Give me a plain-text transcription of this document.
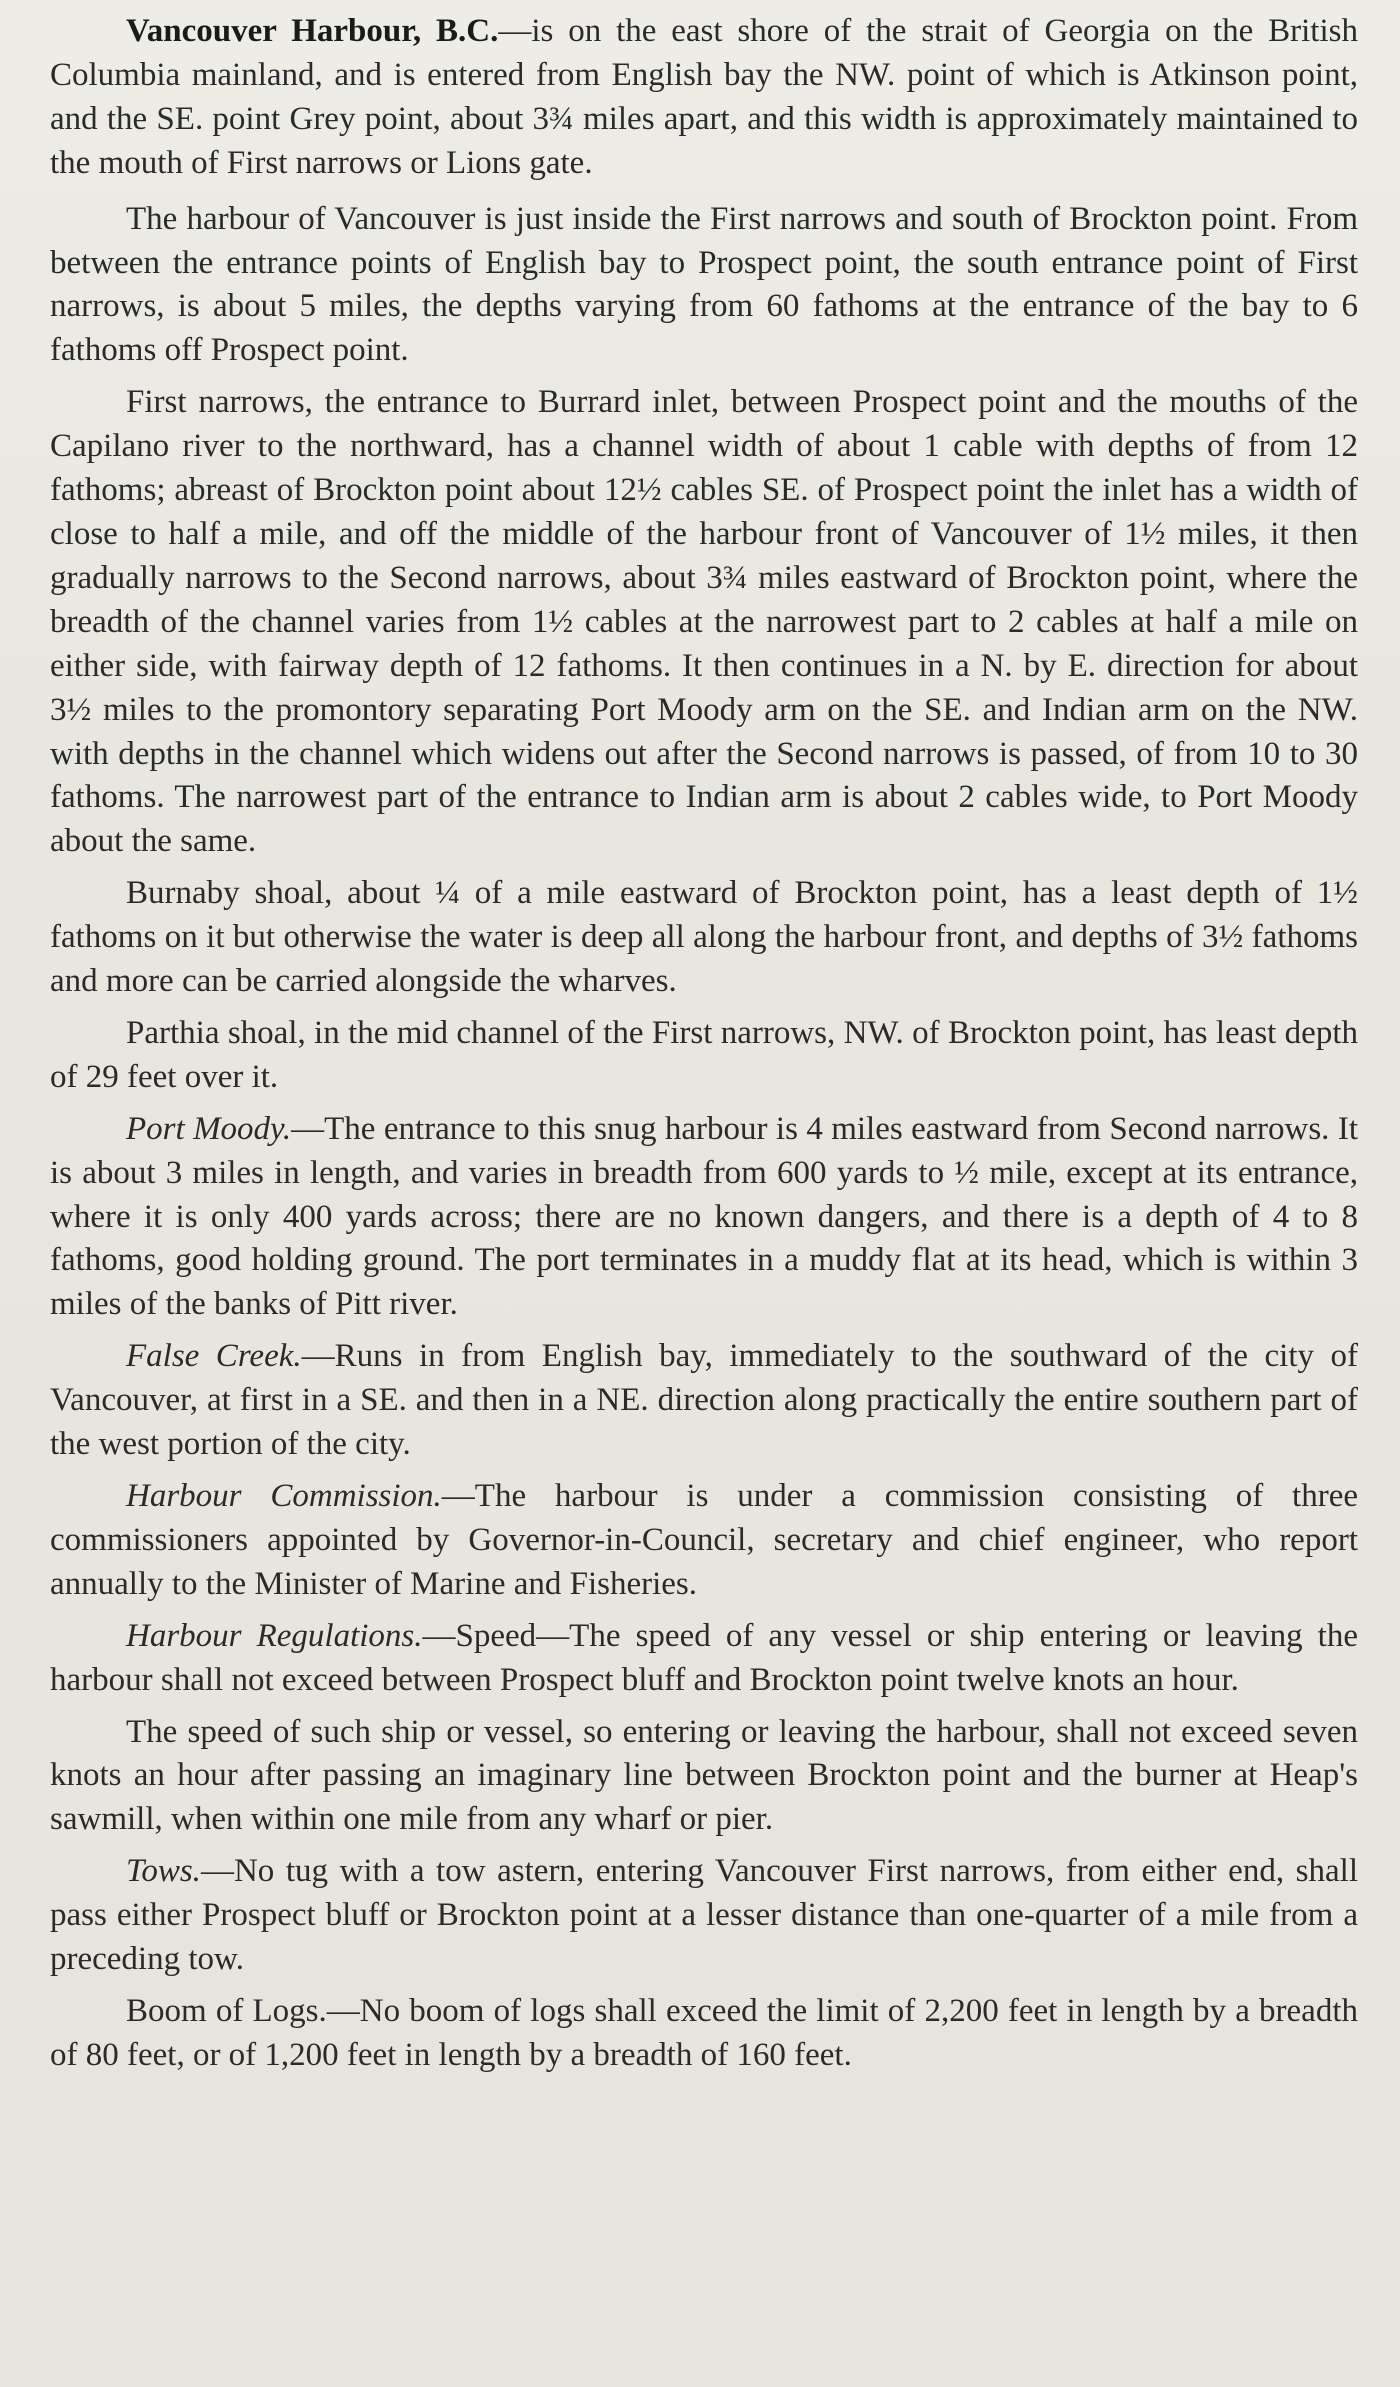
Vancouver Harbour, B.C.—is on the east shore of the strait of Georgia on the British Columbia mainland, and is entered from English bay the NW. point of which is Atkinson point, and the SE. point Grey point, about 3¾ miles apart, and this width is approximately maintained to the mouth of First narrows or Lions gate.

The harbour of Vancouver is just inside the First narrows and south of Brockton point. From between the entrance points of English bay to Prospect point, the south entrance point of First narrows, is about 5 miles, the depths varying from 60 fathoms at the entrance of the bay to 6 fathoms off Prospect point.

First narrows, the entrance to Burrard inlet, between Prospect point and the mouths of the Capilano river to the northward, has a channel width of about 1 cable with depths of from 12 fathoms; abreast of Brockton point about 12½ cables SE. of Prospect point the inlet has a width of close to half a mile, and off the middle of the harbour front of Vancouver of 1½ miles, it then gradually narrows to the Second narrows, about 3¾ miles eastward of Brockton point, where the breadth of the channel varies from 1½ cables at the narrowest part to 2 cables at half a mile on either side, with fairway depth of 12 fathoms. It then continues in a N. by E. direction for about 3½ miles to the promontory separating Port Moody arm on the SE. and Indian arm on the NW. with depths in the channel which widens out after the Second narrows is passed, of from 10 to 30 fathoms. The narrowest part of the entrance to Indian arm is about 2 cables wide, to Port Moody about the same.

Burnaby shoal, about ¼ of a mile eastward of Brockton point, has a least depth of 1½ fathoms on it but otherwise the water is deep all along the harbour front, and depths of 3½ fathoms and more can be carried alongside the wharves.

Parthia shoal, in the mid channel of the First narrows, NW. of Brockton point, has least depth of 29 feet over it.

Port Moody.—The entrance to this snug harbour is 4 miles eastward from Second narrows. It is about 3 miles in length, and varies in breadth from 600 yards to ½ mile, except at its entrance, where it is only 400 yards across; there are no known dangers, and there is a depth of 4 to 8 fathoms, good holding ground. The port terminates in a muddy flat at its head, which is within 3 miles of the banks of Pitt river.

False Creek.—Runs in from English bay, immediately to the southward of the city of Vancouver, at first in a SE. and then in a NE. direction along practically the entire southern part of the west portion of the city.

Harbour Commission.—The harbour is under a commission consisting of three commissioners appointed by Governor-in-Council, secretary and chief engineer, who report annually to the Minister of Marine and Fisheries.

Harbour Regulations.—Speed—The speed of any vessel or ship entering or leaving the harbour shall not exceed between Prospect bluff and Brockton point twelve knots an hour.

The speed of such ship or vessel, so entering or leaving the harbour, shall not exceed seven knots an hour after passing an imaginary line between Brockton point and the burner at Heap's sawmill, when within one mile from any wharf or pier.

Tows.—No tug with a tow astern, entering Vancouver First narrows, from either end, shall pass either Prospect bluff or Brockton point at a lesser distance than one-quarter of a mile from a preceding tow.

Boom of Logs.—No boom of logs shall exceed the limit of 2,200 feet in length by a breadth of 80 feet, or of 1,200 feet in length by a breadth of 160 feet.
